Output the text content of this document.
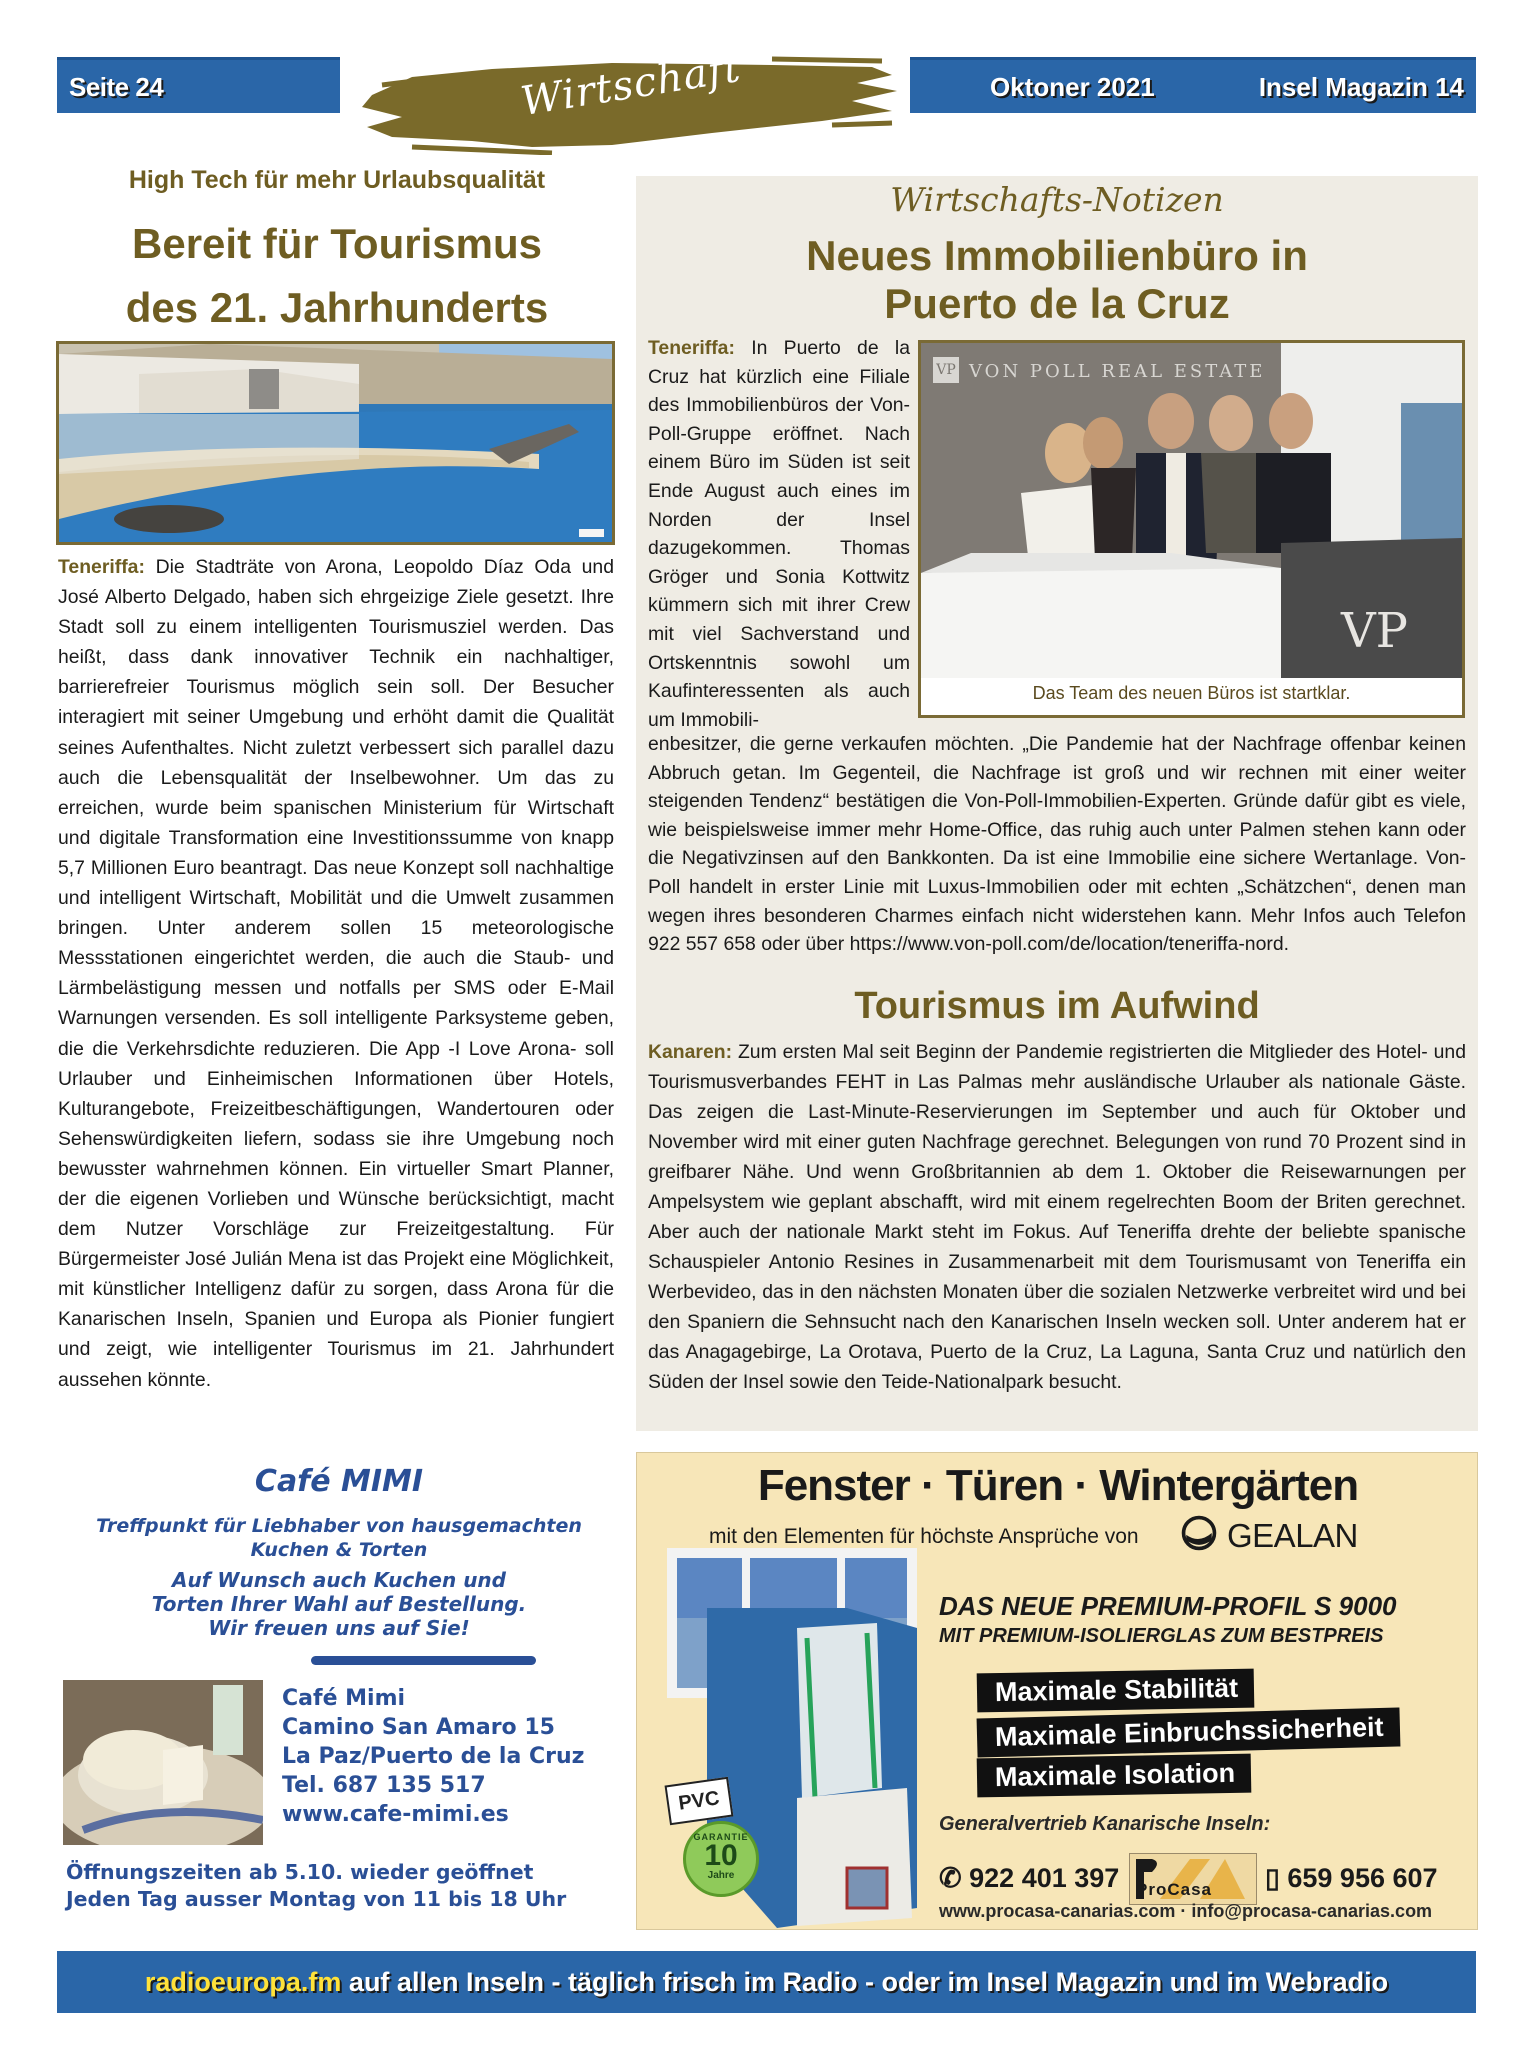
Seite 24	Wirtschaft	Oktoner 2021	Insel Magazin 14
High Tech für mehr Urlaubsqualität
Bereit für Tourismus
des 21. Jahrhunderts
Teneriffa: Die Stadträte von Arona, Leopoldo Díaz Oda und José Alberto Delgado, haben sich ehrgeizige Ziele gesetzt. Ihre Stadt soll zu einem intelligenten Tourismusziel werden. Das heißt, dass dank innovativer Technik ein nachhaltiger, barrierefreier Tourismus möglich sein soll. Der Besucher interagiert mit seiner Umgebung und erhöht damit die Qualität seines Aufenthaltes. Nicht zuletzt verbessert sich parallel dazu auch die Lebensqualität der Inselbewohner. Um das zu erreichen, wurde beim spanischen Ministerium für Wirtschaft und digitale Transformation eine Investitionssumme von knapp 5,7 Millionen Euro beantragt. Das neue Konzept soll nachhaltige und intelligent Wirtschaft, Mobilität und die Umwelt zusammen bringen. Unter anderem sollen 15 meteorologische Messstationen eingerichtet werden, die auch die Staub- und Lärmbelästigung messen und notfalls per SMS oder E-Mail Warnungen versenden. Es soll intelligente Parksysteme geben, die die Verkehrsdichte reduzieren. Die App -I Love Arona- soll Urlauber und Einheimischen Informationen über Hotels, Kulturangebote, Freizeitbeschäftigungen, Wandertouren oder Sehenswürdigkeiten liefern, sodass sie ihre Umgebung noch bewusster wahrnehmen können. Ein virtueller Smart Planner, der die eigenen Vorlieben und Wünsche berücksichtigt, macht dem Nutzer Vorschläge zur Freizeitgestaltung. Für Bürgermeister José Julián Mena ist das Projekt eine Möglichkeit, mit künstlicher Intelligenz dafür zu sorgen, dass Arona für die Kanarischen Inseln, Spanien und Europa als Pionier fungiert und zeigt, wie intelligenter Tourismus im 21. Jahrhundert aussehen könnte.
Wirtschafts-Notizen
Neues Immobilienbüro in
Puerto de la Cruz
Teneriffa: In Puerto de la Cruz hat kürzlich eine Filiale des Immobilienbüros der Von-Poll-Gruppe eröffnet. Nach einem Büro im Süden ist seit Ende August auch eines im Norden der Insel dazugekommen. Thomas Gröger und Sonia Kottwitz kümmern sich mit ihrer Crew mit viel Sachverstand und Ortskenntnis sowohl um Kaufinteressenten als auch um Immobili-
VP VON POLL REAL ESTATE
VP
Das Team des neuen Büros ist startklar.
enbesitzer, die gerne verkaufen möchten. „Die Pandemie hat der Nachfrage offenbar keinen Abbruch getan. Im Gegenteil, die Nachfrage ist groß und wir rechnen mit einer weiter steigenden Tendenz“ bestätigen die Von-Poll-Immobilien-Experten. Gründe dafür gibt es viele, wie beispielsweise immer mehr Home-Office, das ruhig auch unter Palmen stehen kann oder die Negativzinsen auf den Bankkonten. Da ist eine Immobilie eine sichere Wertanlage. Von-Poll handelt in erster Linie mit Luxus-Immobilien oder mit echten „Schätzchen“, denen man wegen ihres besonderen Charmes einfach nicht widerstehen kann. Mehr Infos auch Telefon 922 557 658 oder über https://www.von-poll.com/de/location/teneriffa-nord.
Tourismus im Aufwind
Kanaren: Zum ersten Mal seit Beginn der Pandemie registrierten die Mitglieder des Hotel- und Tourismusverbandes FEHT in Las Palmas mehr ausländische Urlauber als nationale Gäste. Das zeigen die Last-Minute-Reservierungen im September und auch für Oktober und November wird mit einer guten Nachfrage gerechnet. Belegungen von rund 70 Prozent sind in greifbarer Nähe. Und wenn Großbritannien ab dem 1. Oktober die Reisewarnungen per Ampelsystem wie geplant abschafft, wird mit einem regelrechten Boom der Briten gerechnet. Aber auch der nationale Markt steht im Fokus. Auf Teneriffa drehte der beliebte spanische Schauspieler Antonio Resines in Zusammenarbeit mit dem Tourismusamt von Teneriffa ein Werbevideo, das in den nächsten Monaten über die sozialen Netzwerke verbreitet wird und bei den Spaniern die Sehnsucht nach den Kanarischen Inseln wecken soll. Unter anderem hat er das Anagagebirge, La Orotava, Puerto de la Cruz, La Laguna, Santa Cruz und natürlich den Süden der Insel sowie den Teide-Nationalpark besucht.
Café MIMI
Treffpunkt für Liebhaber von hausgemachten
Kuchen & Torten
Auf Wunsch auch Kuchen und
Torten Ihrer Wahl auf Bestellung.
Wir freuen uns auf Sie!
Café Mimi
Camino San Amaro 15
La Paz/Puerto de la Cruz
Tel. 687 135 517
www.cafe-mimi.es
Öffnungszeiten ab 5.10. wieder geöffnet
Jeden Tag ausser Montag von 11 bis 18 Uhr
Fenster · Türen · Wintergärten
mit den Elementen für höchste Ansprüche von	GEALAN
PVC
GARANTIE
10
Jahre
DAS NEUE PREMIUM-PROFIL S 9000
MIT PREMIUM-ISOLIERGLAS ZUM BESTPREIS
Maximale Stabilität
Maximale Einbruchssicherheit
Maximale Isolation
Generalvertrieb Kanarische Inseln:
✆ 922 401 397 ProCasa ▯ 659 956 607
www.procasa-canarias.com · info@procasa-canarias.com
radioeuropa.fm auf allen Inseln - täglich frisch im Radio - oder im Insel Magazin und im Webradio
